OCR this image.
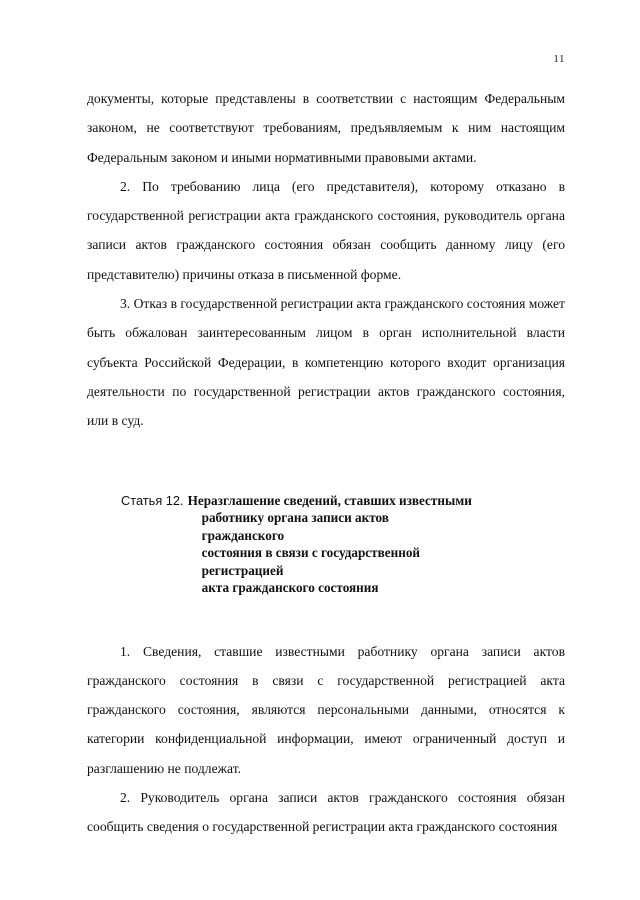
11

документы, которые представлены в соответствии с настоящим Федеральным законом, не соответствуют требованиям, предъявляемым к ним настоящим Федеральным законом и иными нормативными правовыми актами.

2. По требованию лица (его представителя), которому отказано в государственной регистрации акта гражданского состояния, руководитель органа записи актов гражданского состояния обязан сообщить данному лицу (его представителю) причины отказа в письменной форме.

3. Отказ в государственной регистрации акта гражданского состояния может быть обжалован заинтересованным лицом в орган исполнительной власти субъекта Российской Федерации, в компетенцию которого входит организация деятельности по государственной регистрации актов гражданского состояния, или в суд.

Статья 12. Неразглашение сведений, ставших известными
работнику органа записи актов гражданского
состояния в связи с государственной регистрацией
акта гражданского состояния

1. Сведения, ставшие известными работнику органа записи актов гражданского состояния в связи с государственной регистрацией акта гражданского состояния, являются персональными данными, относятся к категории конфиденциальной информации, имеют ограниченный доступ и разглашению не подлежат.

2. Руководитель органа записи актов гражданского состояния обязан сообщить сведения о государственной регистрации акта гражданского состояния
